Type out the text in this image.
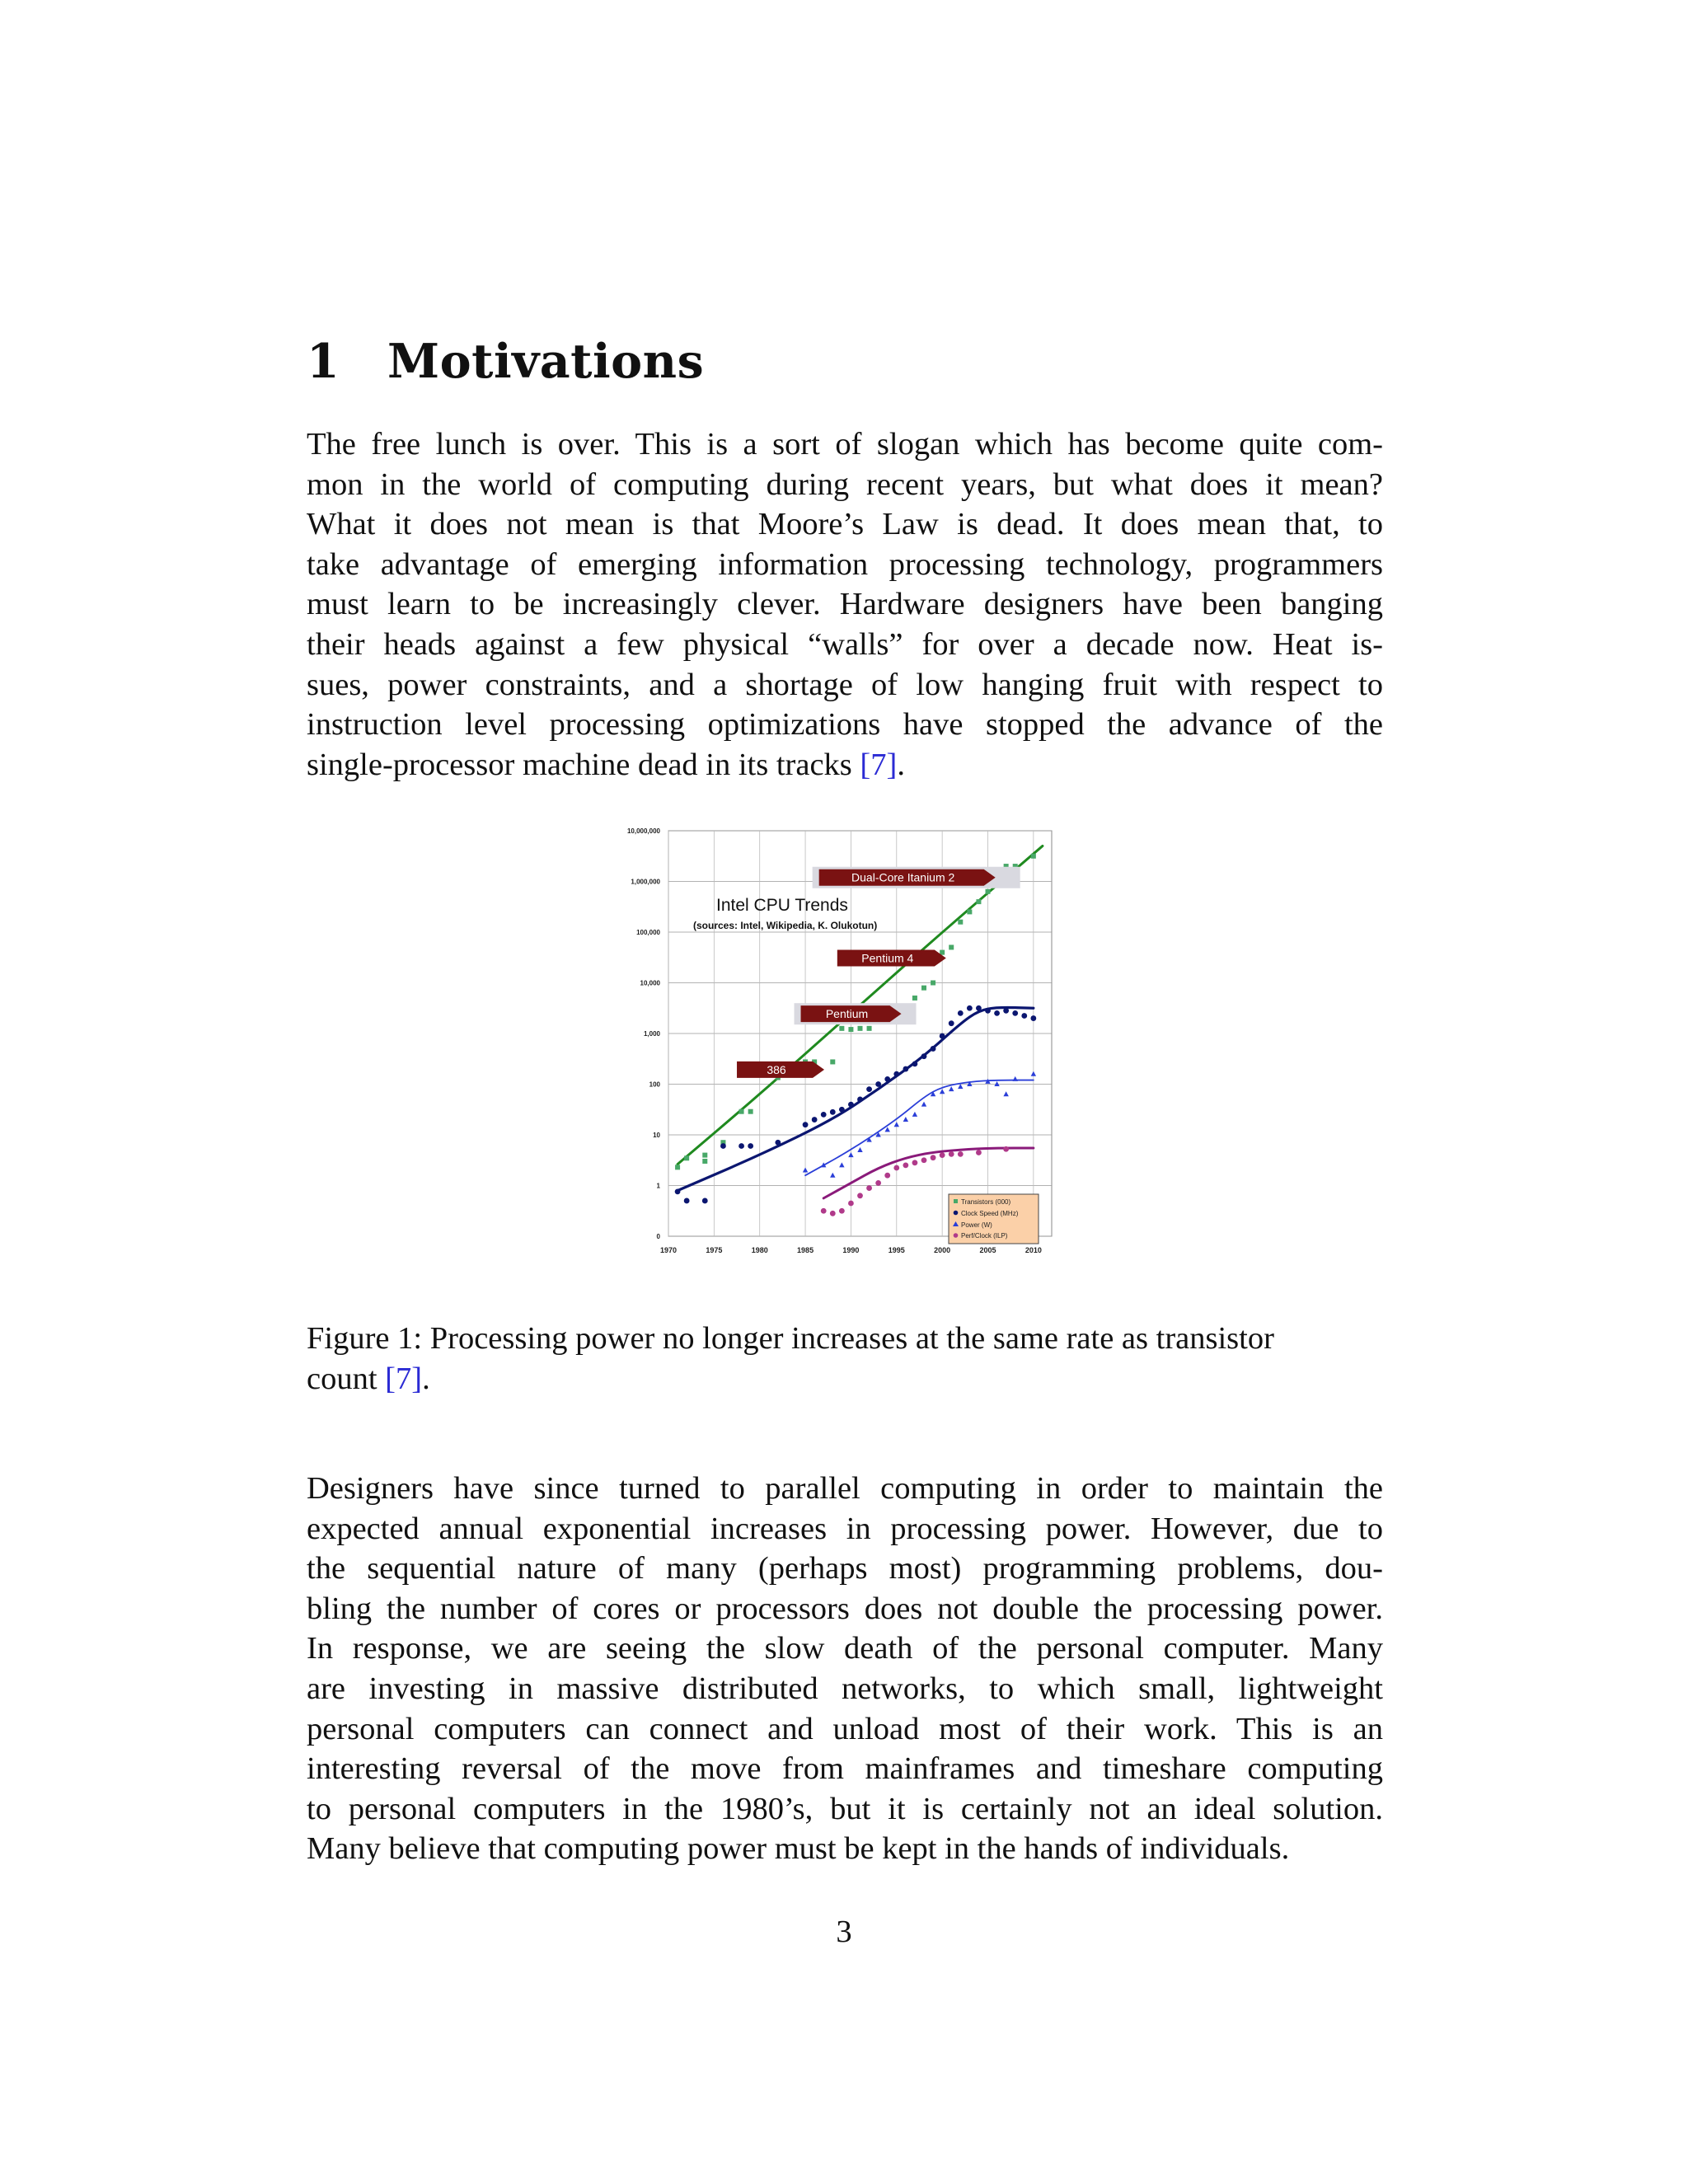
1 Motivations
The free lunch is over. This is a sort of slogan which has become quite com-
mon in the world of computing during recent years, but what does it mean?
What it does not mean is that Moore’s Law is dead. It does mean that, to
take advantage of emerging information processing technology, programmers
must learn to be increasingly clever. Hardware designers have been banging
their heads against a few physical “walls” for over a decade now. Heat is-
sues, power constraints, and a shortage of low hanging fruit with respect to
instruction level processing optimizations have stopped the advance of the
single-processor machine dead in its tracks [7].
10,000,000
1,000,000
100,000
10,000
1,000
100
10
1
0
1970	1975	1980	1985	1990	1995	2000	2005	2010
Dual-Core Itanium 2
Pentium 4
Pentium
386
Intel CPU Trends
(sources: Intel, Wikipedia, K. Olukotun)
Transistors (000)
Clock Speed (MHz)
Power (W)
Perf/Clock (ILP)
Figure 1: Processing power no longer increases at the same rate as transistor
count [7].
Designers have since turned to parallel computing in order to maintain the
expected annual exponential increases in processing power. However, due to
the sequential nature of many (perhaps most) programming problems, dou-
bling the number of cores or processors does not double the processing power.
In response, we are seeing the slow death of the personal computer. Many
are investing in massive distributed networks, to which small, lightweight
personal computers can connect and unload most of their work. This is an
interesting reversal of the move from mainframes and timeshare computing
to personal computers in the 1980’s, but it is certainly not an ideal solution.
Many believe that computing power must be kept in the hands of individuals.
3
